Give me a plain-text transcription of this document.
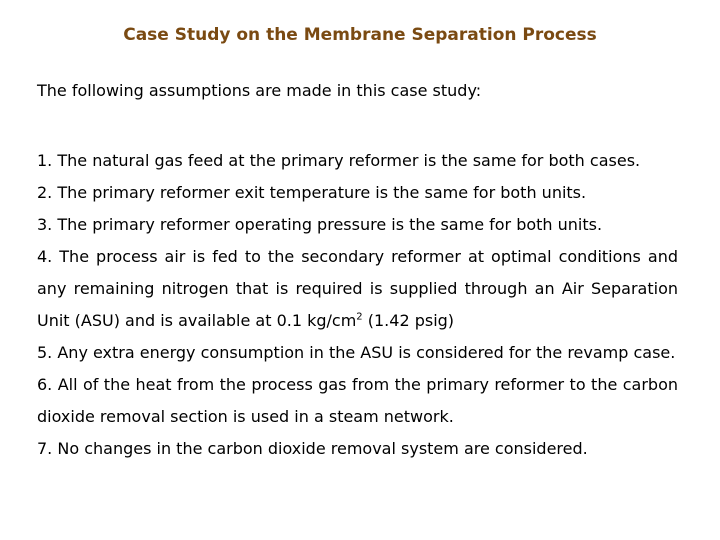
Case Study on the Membrane Separation Process
The following assumptions are made in this case study:
1. The natural gas feed at the primary reformer is the same for both cases.
2. The primary reformer exit temperature is the same for both units.
3. The primary reformer operating pressure is the same for both units.
4. The process air is fed to the secondary reformer at optimal conditions and any remaining nitrogen that is required is supplied through an Air Separation Unit (ASU) and is available at 0.1 $kg/cm^2$ (1.42 psig)
5. Any extra energy consumption in the ASU is considered for the revamp case.
6. All of the heat from the process gas from the primary reformer to the carbon dioxide removal section is used in a steam network.
7. No changes in the carbon dioxide removal system are considered.
